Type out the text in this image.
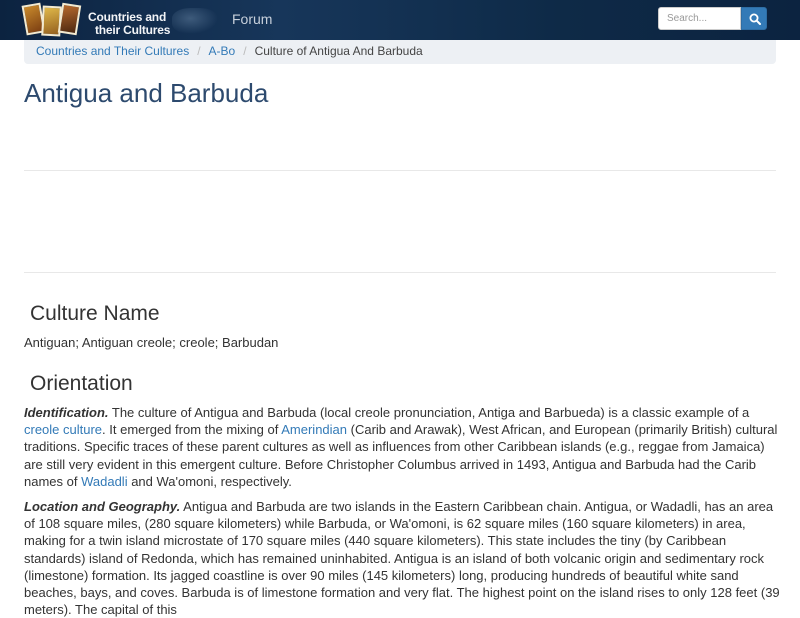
Countries and
their Cultures
Forum
Search...
Countries and Their Cultures / A-Bo / Culture of Antigua And Barbuda
Antigua and Barbuda
Culture Name

Antiguan; Antiguan creole; creole; Barbudan

Orientation

Identification. The culture of Antigua and Barbuda (local creole pronunciation, Antiga and Barbueda) is a classic example of a creole culture. It emerged from the mixing of Amerindian (Carib and Arawak), West African, and European (primarily British) cultural traditions. Specific traces of these parent cultures as well as influences from other Caribbean islands (e.g., reggae from Jamaica) are still very evident in this emergent culture. Before Christopher Columbus arrived in 1493, Antigua and Barbuda had the Carib names of Wadadli and Wa'omoni, respectively.

Location and Geography. Antigua and Barbuda are two islands in the Eastern Caribbean chain. Antigua, or Wadadli, has an area of 108 square miles, (280 square kilometers) while Barbuda, or Wa'omoni, is 62 square miles (160 square kilometers) in area, making for a twin island microstate of 170 square miles (440 square kilometers). This state includes the tiny (by Caribbean standards) island of Redonda, which has remained uninhabited. Antigua is an island of both volcanic origin and sedimentary rock (limestone) formation. Its jagged coastline is over 90 miles (145 kilometers) long, producing hundreds of beautiful white sand beaches, bays, and coves. Barbuda is of limestone formation and very flat. The highest point on the island rises to only 128 feet (39 meters). The capital of this
